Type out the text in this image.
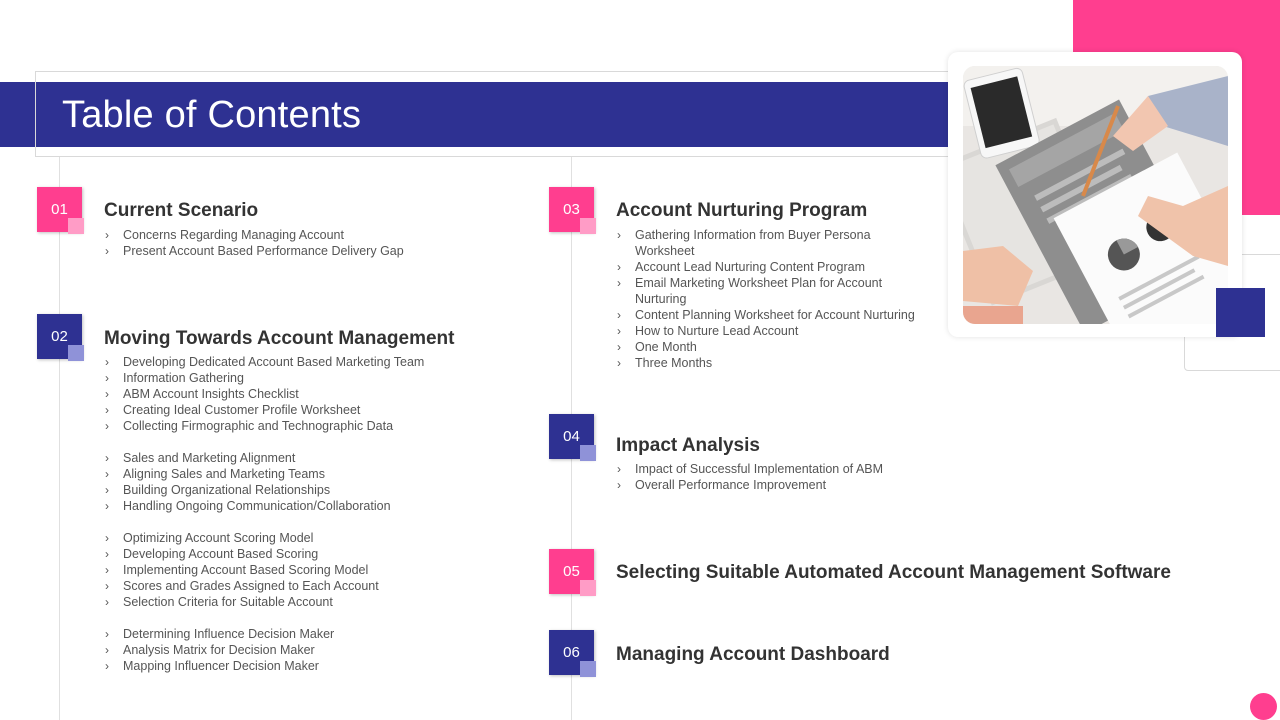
Table of Contents
01	Current Scenario
› Concerns Regarding Managing Account
› Present Account Based Performance Delivery Gap
02	Moving Towards Account Management
› Developing Dedicated Account Based Marketing Team
› Information Gathering
› ABM Account Insights Checklist
› Creating Ideal Customer Profile Worksheet
› Collecting Firmographic and Technographic Data
› Sales and Marketing Alignment
› Aligning Sales and Marketing Teams
› Building Organizational Relationships
› Handling Ongoing Communication/Collaboration
› Optimizing Account Scoring Model
› Developing Account Based Scoring
› Implementing Account Based Scoring Model
› Scores and Grades Assigned to Each Account
› Selection Criteria for Suitable Account
› Determining Influence Decision Maker
› Analysis Matrix for Decision Maker
› Mapping Influencer Decision Maker
03	Account Nurturing Program
› Gathering Information from Buyer Persona
Worksheet
› Account Lead Nurturing Content Program
› Email Marketing Worksheet Plan for Account
Nurturing
› Content Planning Worksheet for Account Nurturing
› How to Nurture Lead Account
› One Month
› Three Months
04	Impact Analysis
› Impact of Successful Implementation of ABM
› Overall Performance Improvement
05	Selecting Suitable Automated Account Management Software
06	Managing Account Dashboard
